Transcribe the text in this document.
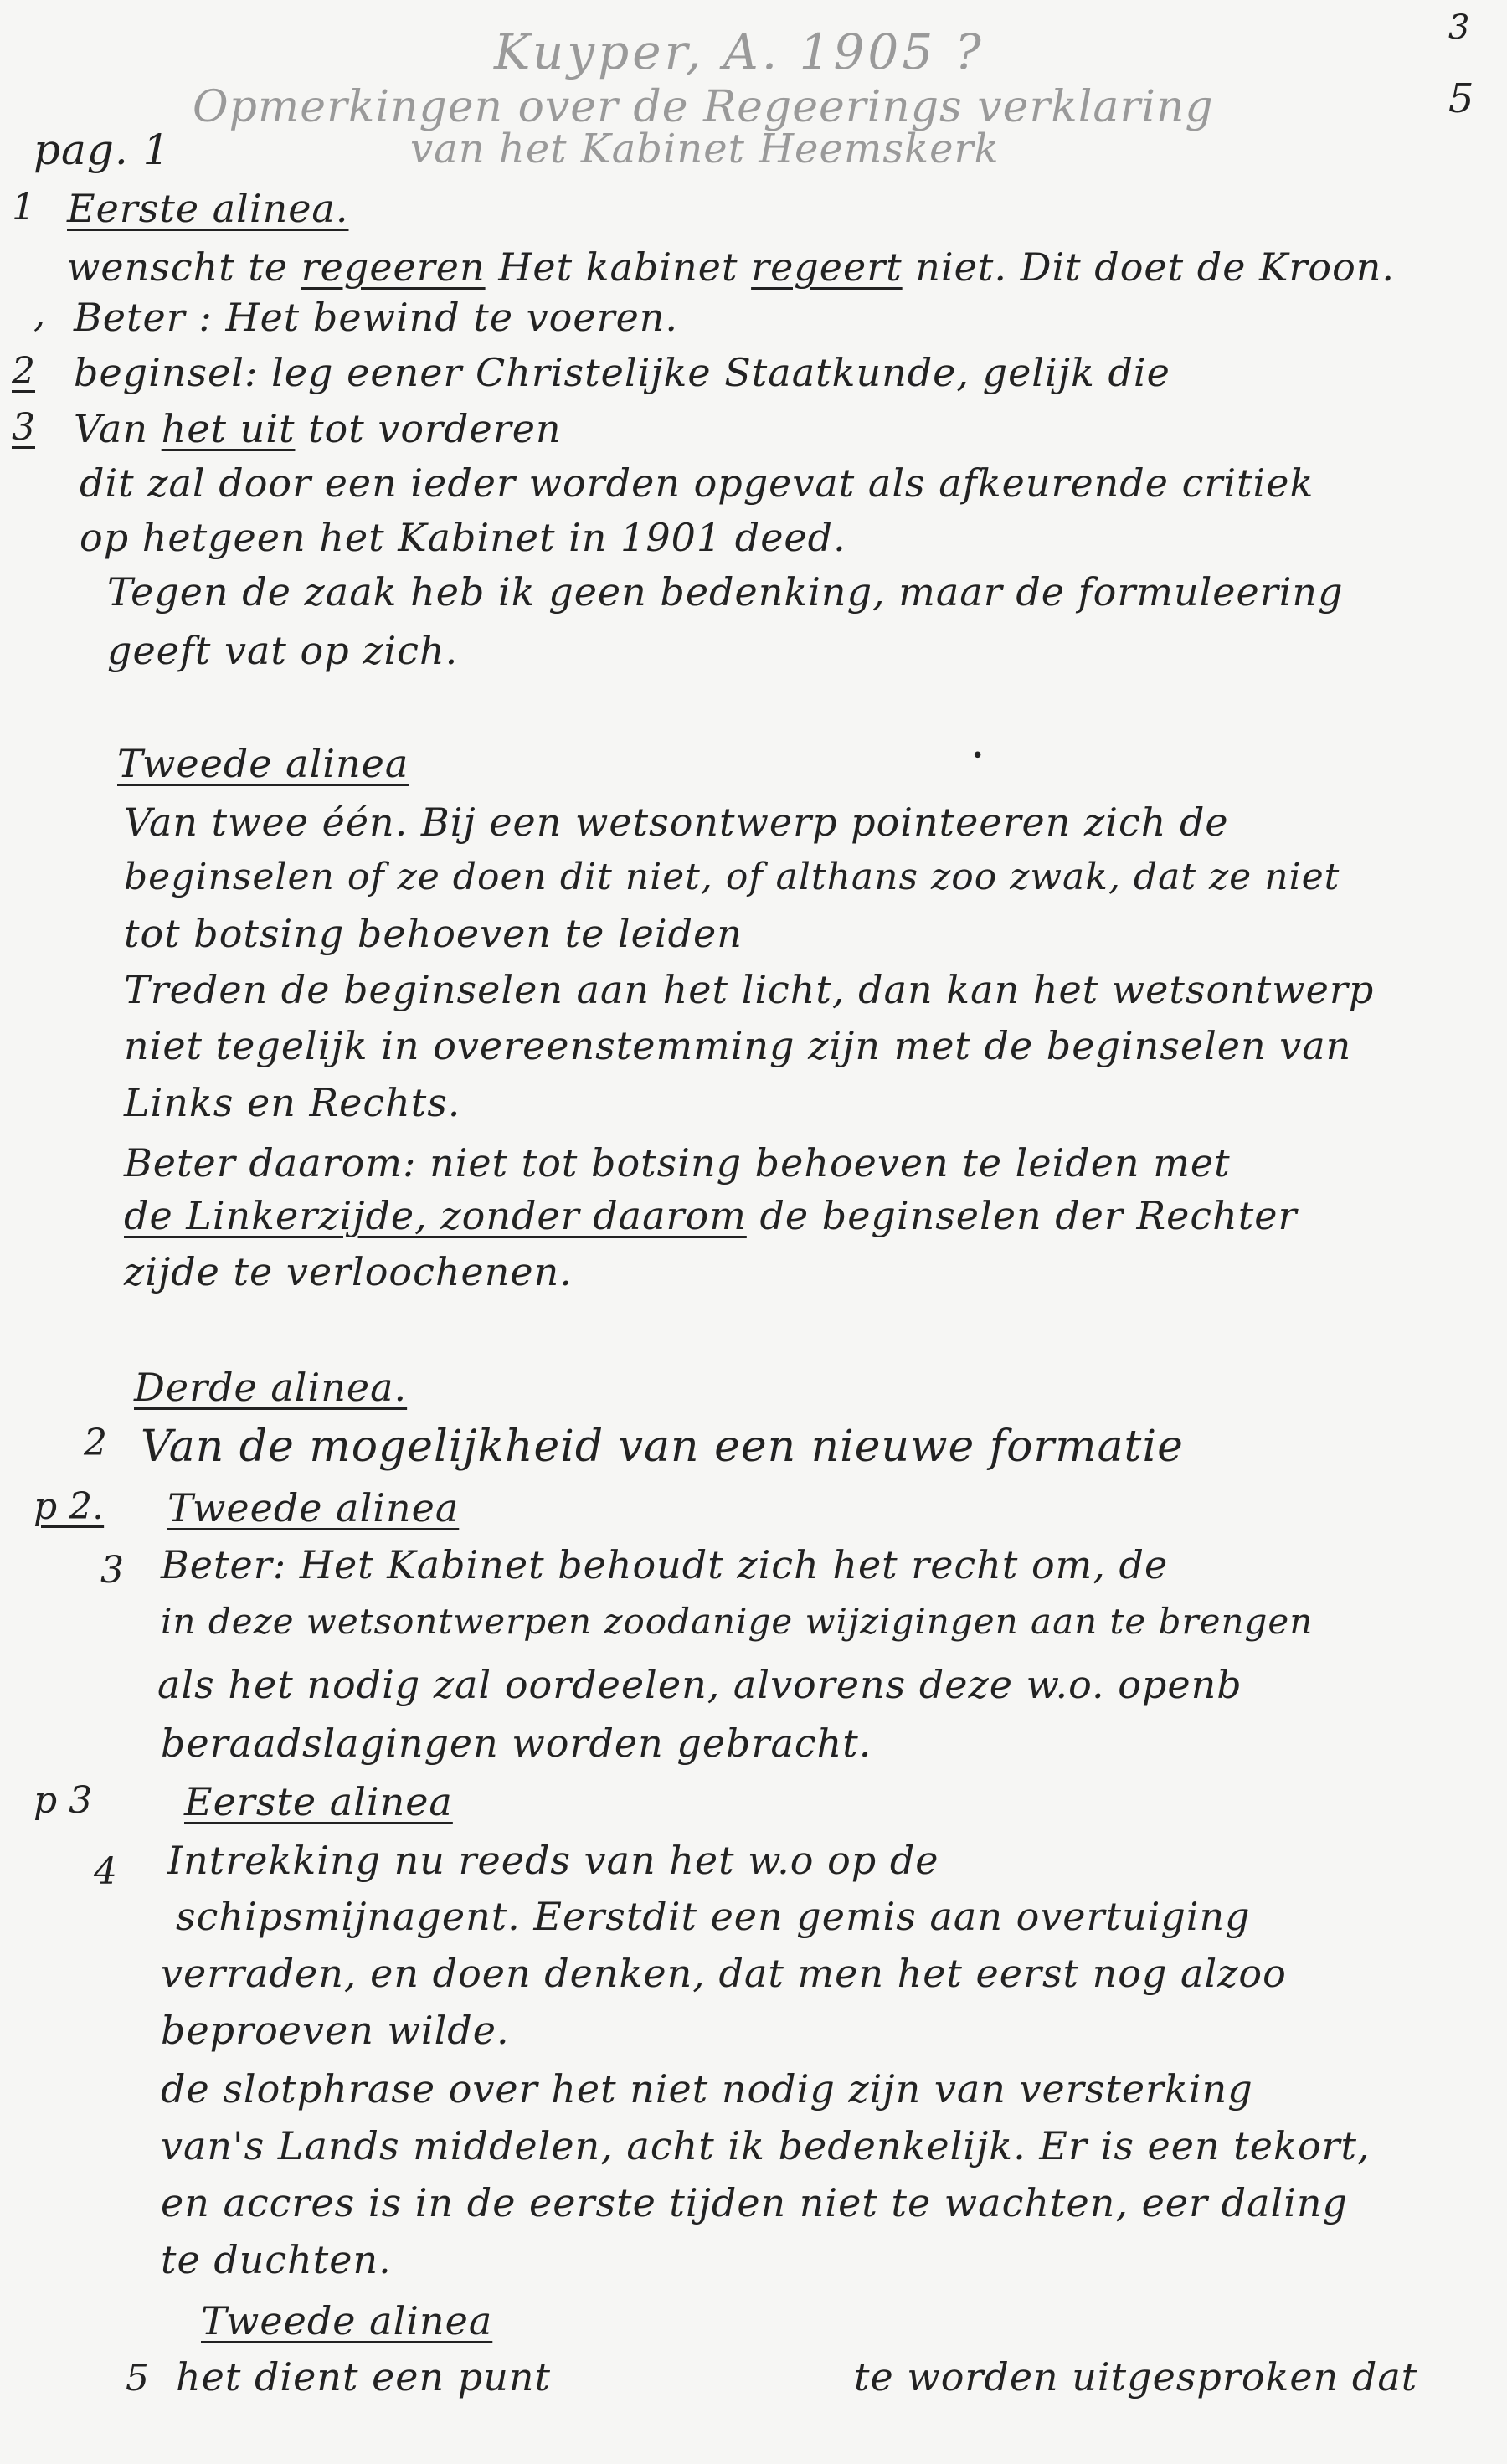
Kuyper, A. 1905 ?
Opmerkingen over de Regeerings verklaring
van het Kabinet Heemskerk
3
5
pag. 1
1 Eerste alinea.
wenscht te regeeren Het kabinet regeert niet. Dit doet de Kroon.
, Beter : Het bewind te voeren.
2 beginsel: leg eener Christelijke Staatkunde, gelijk die
3 Van het uit tot vorderen
dit zal door een ieder worden opgevat als afkeurende critiek
op hetgeen het Kabinet in 1901 deed.
Tegen de zaak heb ik geen bedenking, maar de formuleering
geeft vat op zich.
Tweede alinea	•
Van twee één. Bij een wetsontwerp pointeeren zich de
beginselen of ze doen dit niet, of althans zoo zwak, dat ze niet
tot botsing behoeven te leiden
Treden de beginselen aan het licht, dan kan het wetsontwerp
niet tegelijk in overeenstemming zijn met de beginselen van
Links en Rechts.
Beter daarom: niet tot botsing behoeven te leiden met
de Linkerzijde, zonder daarom de beginselen der Rechter
zijde te verloochenen.
Derde alinea.
2 Van de mogelijkheid van een nieuwe formatie
p 2. Tweede alinea
3 Beter: Het Kabinet behoudt zich het recht om, de
in deze wetsontwerpen zoodanige wijzigingen aan te brengen
als het nodig zal oordeelen, alvorens deze w.o. openb
beraadslagingen worden gebracht.
p 3 Eerste alinea
4 Intrekking nu reeds van het w.o op de
schipsmijnagent. Eerstdit een gemis aan overtuiging
verraden, en doen denken, dat men het eerst nog alzoo
beproeven wilde.
de slotphrase over het niet nodig zijn van versterking
van's Lands middelen, acht ik bedenkelijk. Er is een tekort,
en accres is in de eerste tijden niet te wachten, eer daling
te duchten.
Tweede alinea
5 het dient een punt	te worden uitgesproken dat
